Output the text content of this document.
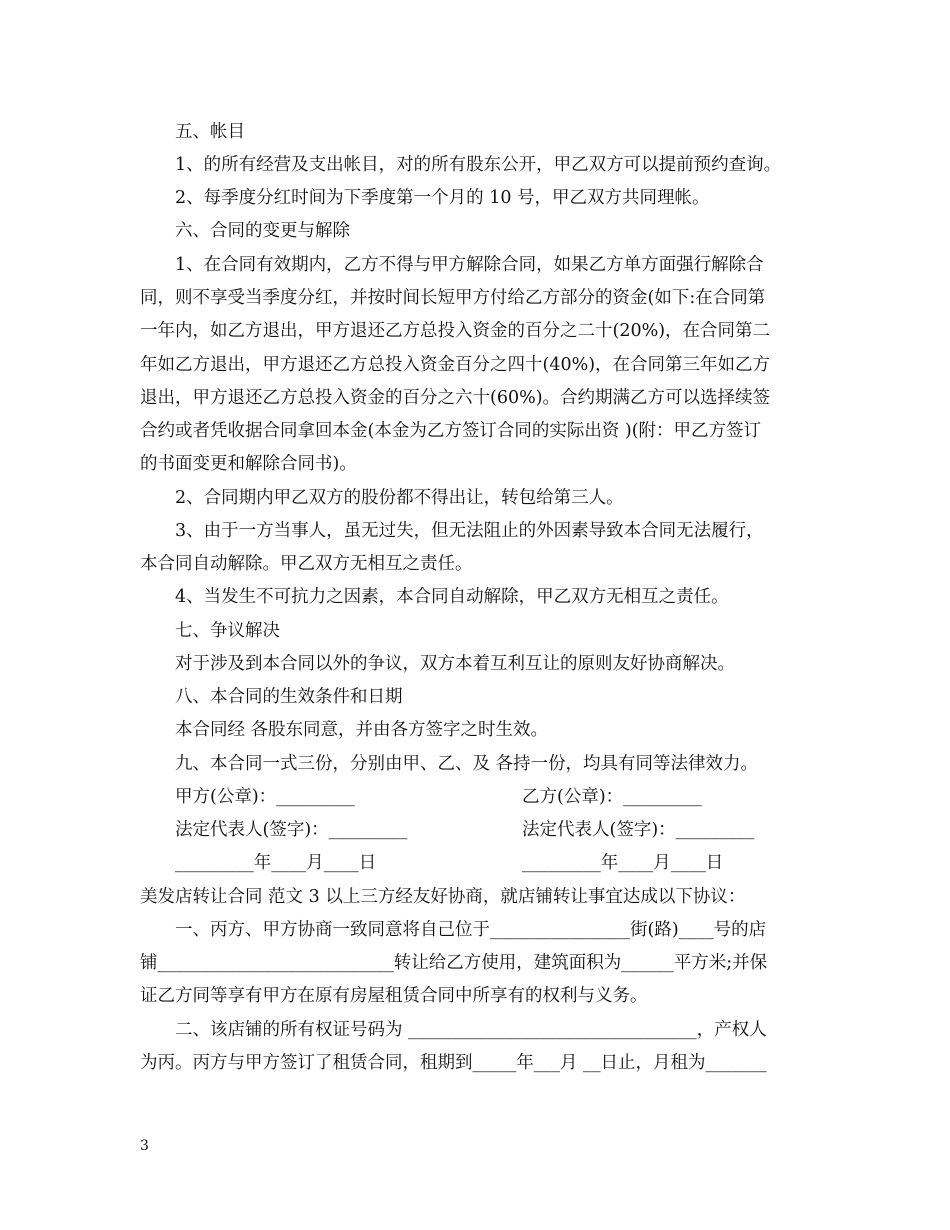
五、帐目
1、的所有经营及支出帐目，对的所有股东公开，甲乙双方可以提前预约查询。
2、每季度分红时间为下季度第一个月的 10 号，甲乙双方共同理帐。
六、合同的变更与解除
1、在合同有效期内，乙方不得与甲方解除合同，如果乙方单方面强行解除合
同，则不享受当季度分红，并按时间长短甲方付给乙方部分的资金(如下:在合同第
一年内，如乙方退出，甲方退还乙方总投入资金的百分之二十(20%)，在合同第二
年如乙方退出，甲方退还乙方总投入资金百分之四十(40%)，在合同第三年如乙方
退出，甲方退还乙方总投入资金的百分之六十(60%)。合约期满乙方可以选择续签
合约或者凭收据合同拿回本金(本金为乙方签订合同的实际出资 )(附：甲乙方签订
的书面变更和解除合同书)。
2、合同期内甲乙双方的股份都不得出让，转包给第三人。
3、由于一方当事人，虽无过失，但无法阻止的外因素导致本合同无法履行，
本合同自动解除。甲乙双方无相互之责任。
4、当发生不可抗力之因素，本合同自动解除，甲乙双方无相互之责任。
七、争议解决
对于涉及到本合同以外的争议，双方本着互利互让的原则友好协商解决。
八、本合同的生效条件和日期
本合同经 各股东同意，并由各方签字之时生效。
九、本合同一式三份，分别由甲、乙、及 各持一份，均具有同等法律效力。
甲方(公章)：_________	乙方(公章)：_________
法定代表人(签字)：_________	法定代表人(签字)：_________
_________年____月____日	_________年____月____日
美发店转让合同 范文 3 以上三方经友好协商，就店铺转让事宜达成以下协议：
一、丙方、甲方协商一致同意将自己位于________________街(路)____号的店
铺___________________________转让给乙方使用，建筑面积为______平方米;并保
证乙方同等享有甲方在原有房屋租赁合同中所享有的权利与义务。
二、该店铺的所有权证号码为 _________________________________，产权人
为丙。丙方与甲方签订了租赁合同，租期到_____年___月 __日止，月租为_______
3
